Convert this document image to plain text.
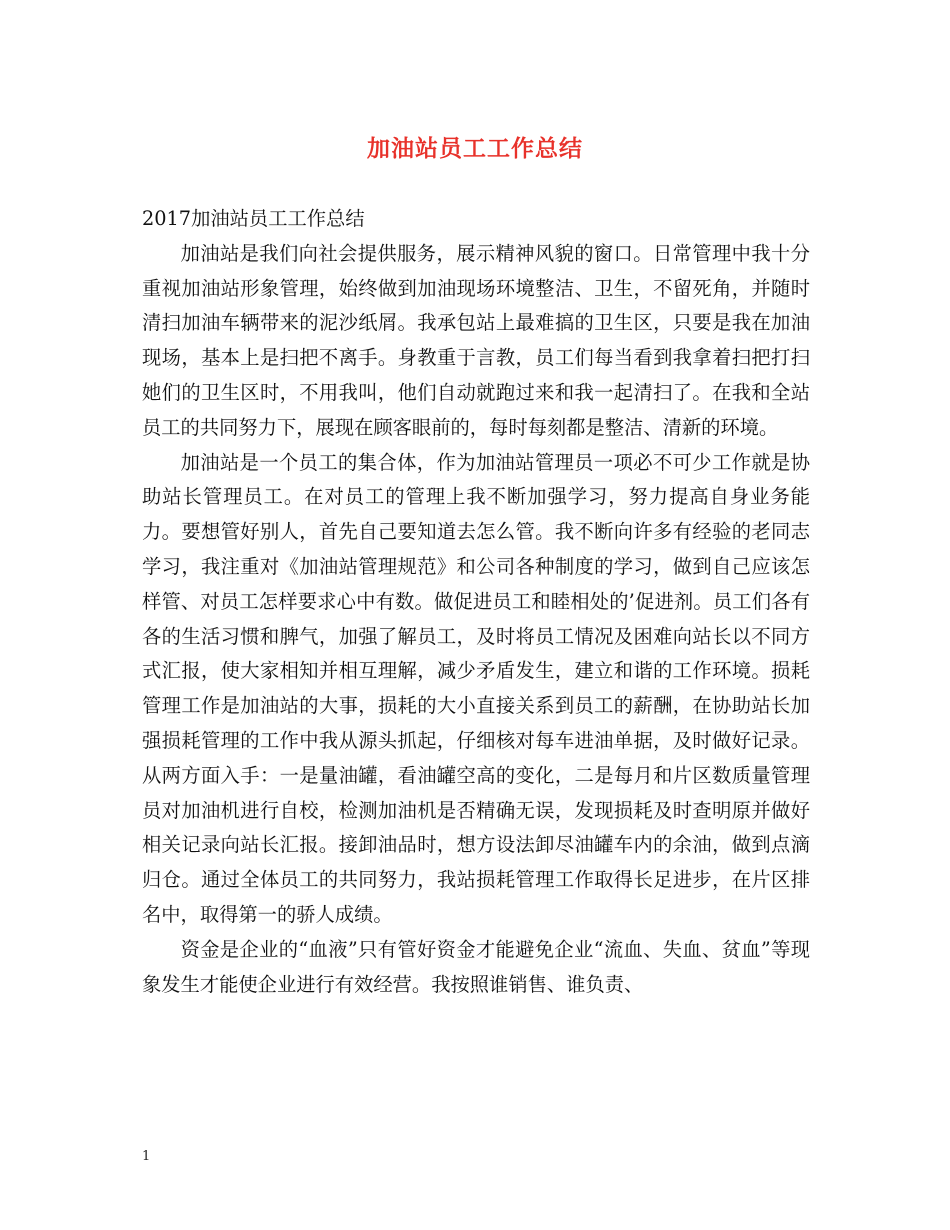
加油站员工工作总结

2017加油站员工工作总结

加油站是我们向社会提供服务，展示精神风貌的窗口。日常管理中我十分重视加油站形象管理，始终做到加油现场环境整洁、卫生，不留死角，并随时清扫加油车辆带来的泥沙纸屑。我承包站上最难搞的卫生区，只要是我在加油现场，基本上是扫把不离手。身教重于言教，员工们每当看到我拿着扫把打扫她们的卫生区时，不用我叫，他们自动就跑过来和我一起清扫了。在我和全站员工的共同努力下，展现在顾客眼前的，每时每刻都是整洁、清新的环境。

加油站是一个员工的集合体，作为加油站管理员一项必不可少工作就是协助站长管理员工。在对员工的管理上我不断加强学习，努力提高自身业务能力。要想管好别人，首先自己要知道去怎么管。我不断向许多有经验的老同志学习，我注重对《加油站管理规范》和公司各种制度的学习，做到自己应该怎样管、对员工怎样要求心中有数。做促进员工和睦相处的’促进剂。员工们各有各的生活习惯和脾气，加强了解员工，及时将员工情况及困难向站长以不同方式汇报，使大家相知并相互理解，减少矛盾发生，建立和谐的工作环境。损耗管理工作是加油站的大事，损耗的大小直接关系到员工的薪酬，在协助站长加强损耗管理的工作中我从源头抓起，仔细核对每车进油单据，及时做好记录。从两方面入手：一是量油罐，看油罐空高的变化，二是每月和片区数质量管理员对加油机进行自校，检测加油机是否精确无误，发现损耗及时查明原并做好相关记录向站长汇报。接卸油品时，想方设法卸尽油罐车内的余油，做到点滴归仓。通过全体员工的共同努力，我站损耗管理工作取得长足进步，在片区排名中，取得第一的骄人成绩。

资金是企业的“血液”只有管好资金才能避免企业“流血、失血、贫血”等现象发生才能使企业进行有效经营。我按照谁销售、谁负责、

1
